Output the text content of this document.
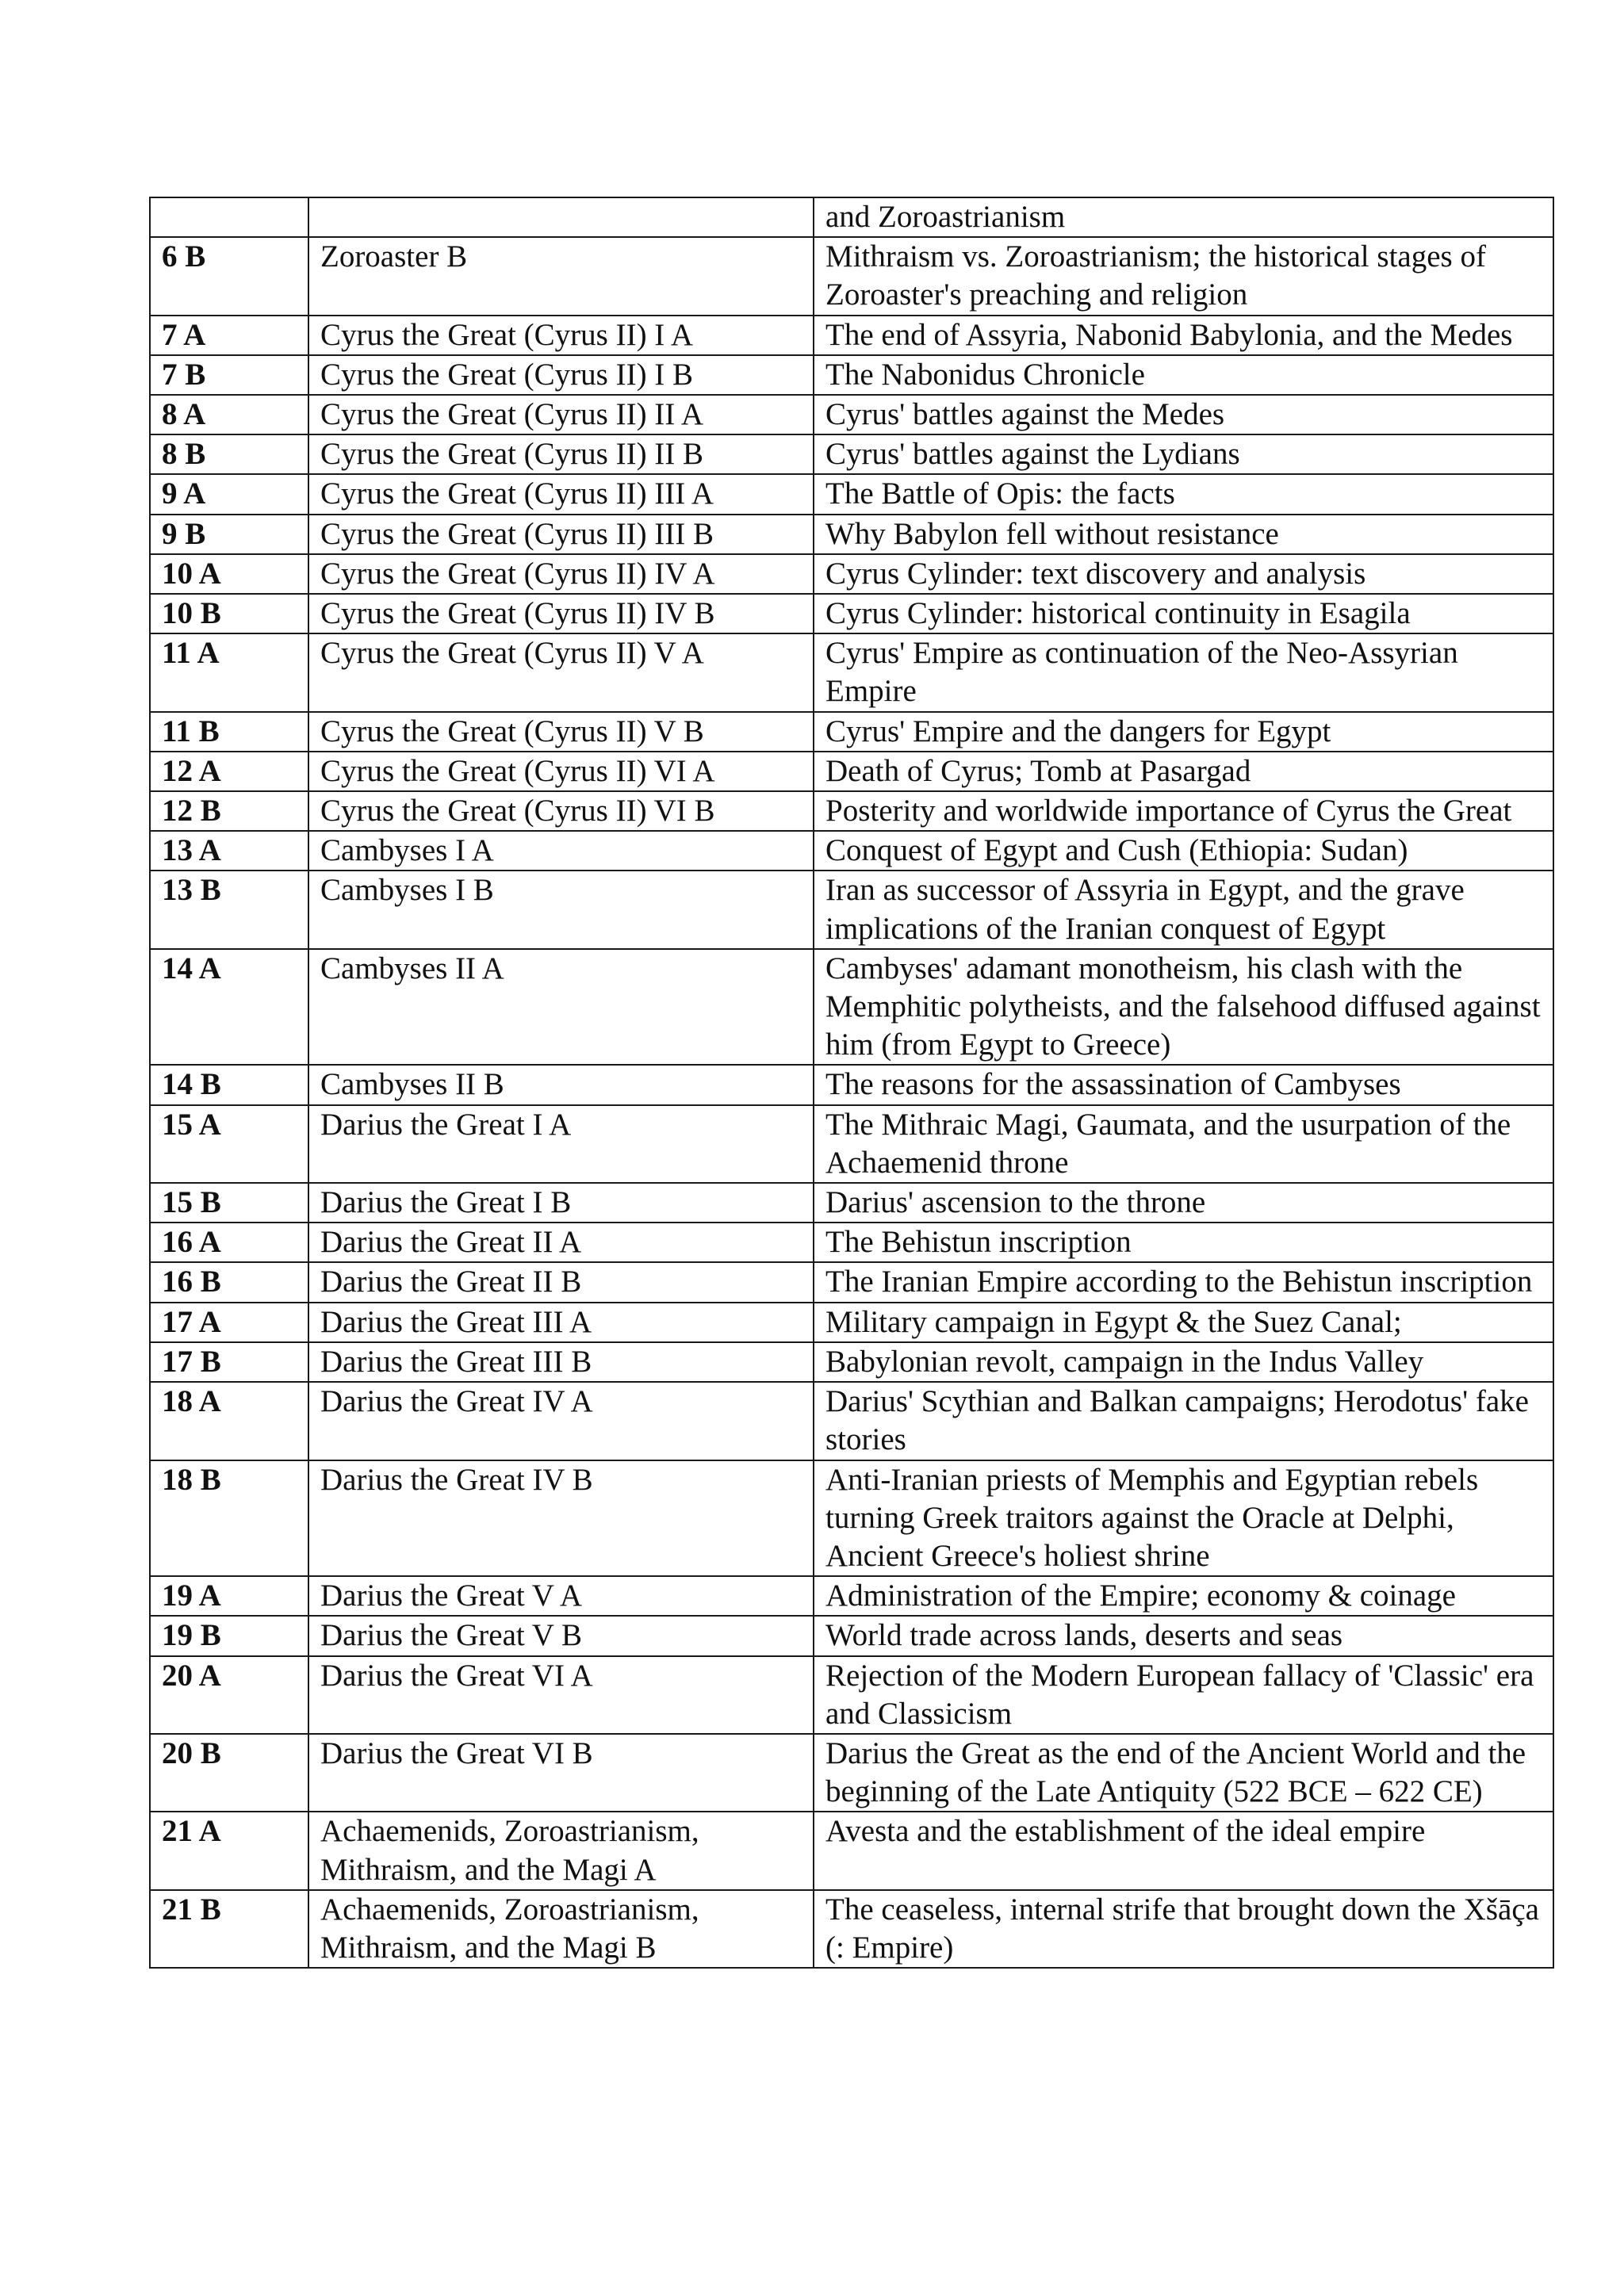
		and Zoroastrianism
6 B	Zoroaster B	Mithraism vs. Zoroastrianism; the historical stages of Zoroaster's preaching and religion
7 A	Cyrus the Great (Cyrus II) I A	The end of Assyria, Nabonid Babylonia, and the Medes
7 B	Cyrus the Great (Cyrus II) I B	The Nabonidus Chronicle
8 A	Cyrus the Great (Cyrus II) II A	Cyrus' battles against the Medes
8 B	Cyrus the Great (Cyrus II) II B	Cyrus' battles against the Lydians
9 A	Cyrus the Great (Cyrus II) III A	The Battle of Opis: the facts
9 B	Cyrus the Great (Cyrus II) III B	Why Babylon fell without resistance
10 A	Cyrus the Great (Cyrus II) IV A	Cyrus Cylinder: text discovery and analysis
10 B	Cyrus the Great (Cyrus II) IV B	Cyrus Cylinder: historical continuity in Esagila
11 A	Cyrus the Great (Cyrus II) V A	Cyrus' Empire as continuation of the Neo-Assyrian Empire
11 B	Cyrus the Great (Cyrus II) V B	Cyrus' Empire and the dangers for Egypt
12 A	Cyrus the Great (Cyrus II) VI A	Death of Cyrus; Tomb at Pasargad
12 B	Cyrus the Great (Cyrus II) VI B	Posterity and worldwide importance of Cyrus the Great
13 A	Cambyses I A	Conquest of Egypt and Cush (Ethiopia: Sudan)
13 B	Cambyses I B	Iran as successor of Assyria in Egypt, and the grave implications of the Iranian conquest of Egypt
14 A	Cambyses II A	Cambyses' adamant monotheism, his clash with the Memphitic polytheists, and the falsehood diffused against him (from Egypt to Greece)
14 B	Cambyses II B	The reasons for the assassination of Cambyses
15 A	Darius the Great I A	The Mithraic Magi, Gaumata, and the usurpation of the Achaemenid throne
15 B	Darius the Great I B	Darius' ascension to the throne
16 A	Darius the Great II A	The Behistun inscription
16 B	Darius the Great II B	The Iranian Empire according to the Behistun inscription
17 A	Darius the Great III A	Military campaign in Egypt & the Suez Canal;
17 B	Darius the Great III B	Babylonian revolt, campaign in the Indus Valley
18 A	Darius the Great IV A	Darius' Scythian and Balkan campaigns; Herodotus' fake stories
18 B	Darius the Great IV B	Anti-Iranian priests of Memphis and Egyptian rebels turning Greek traitors against the Oracle at Delphi, Ancient Greece's holiest shrine
19 A	Darius the Great V A	Administration of the Empire; economy & coinage
19 B	Darius the Great V B	World trade across lands, deserts and seas
20 A	Darius the Great VI A	Rejection of the Modern European fallacy of 'Classic' era and Classicism
20 B	Darius the Great VI B	Darius the Great as the end of the Ancient World and the beginning of the Late Antiquity (522 BCE – 622 CE)
21 A	Achaemenids, Zoroastrianism, Mithraism, and the Magi A	Avesta and the establishment of the ideal empire
21 B	Achaemenids, Zoroastrianism, Mithraism, and the Magi B	The ceaseless, internal strife that brought down the Xšāça (: Empire)
